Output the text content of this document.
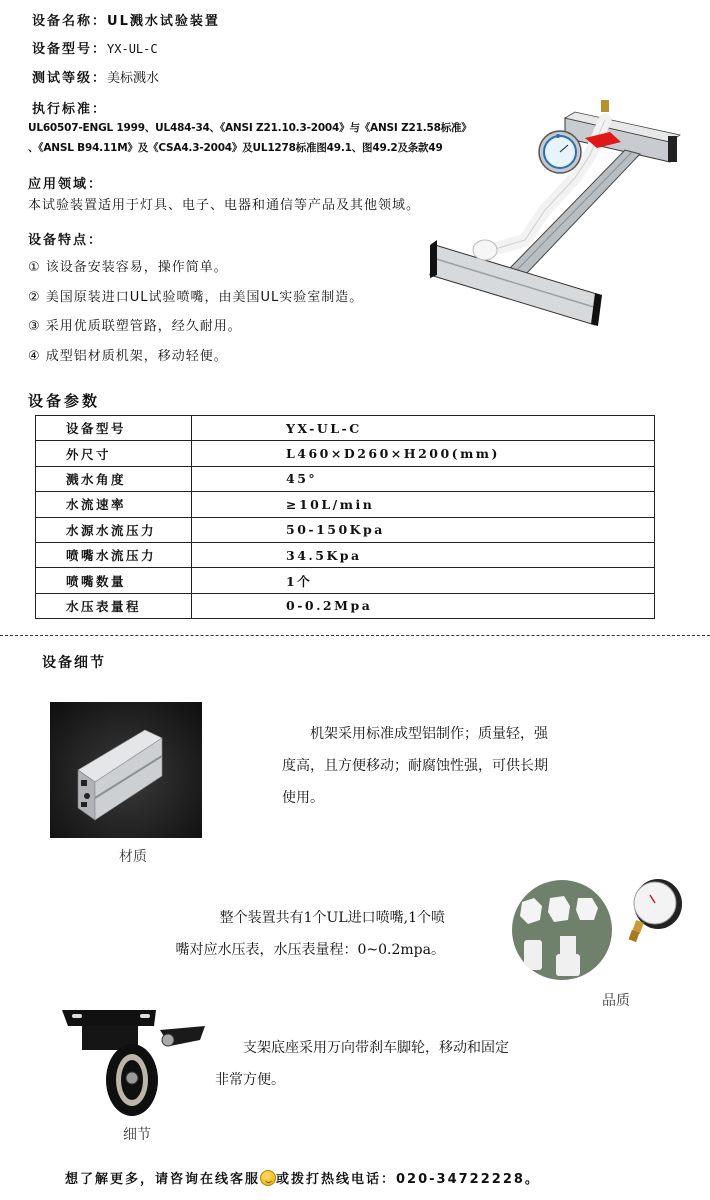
设备名称：UL溅水试验装置
设备型号：YX-UL-C
测试等级：美标溅水
执行标准：
UL60507-ENGL 1999、UL484-34、《ANSI Z21.10.3-2004》与《ANSI Z21.58标准》
、《ANSL B94.11M》及《CSA4.3-2004》及UL1278标准图49.1、图49.2及条款49
应用领域：
本试验装置适用于灯具、电子、电器和通信等产品及其他领域。
设备特点：
① 该设备安装容易，操作简单。
② 美国原装进口UL试验喷嘴，由美国UL实验室制造。
③ 采用优质联塑管路，经久耐用。
④ 成型铝材质机架，移动轻便。
设备参数
设备型号	YX-UL-C
外尺寸	L460×D260×H200(mm)
溅水角度	45°
水流速率	≥10L/min
水源水流压力	50-150Kpa
喷嘴水流压力	34.5Kpa
喷嘴数量	1个
水压表量程	0-0.2Mpa
设备细节
材质
　　机架采用标准成型铝制作；质量轻，强
度高，且方便移动；耐腐蚀性强，可供长期
使用。
整个装置共有1个UL进口喷嘴,1个喷
嘴对应水压表，水压表量程：0~0.2mpa。
品质
细节
　　支架底座采用万向带刹车脚轮，移动和固定
非常方便。
想了解更多，请咨询在线客服 或拨打热线电话：020-34722228。
